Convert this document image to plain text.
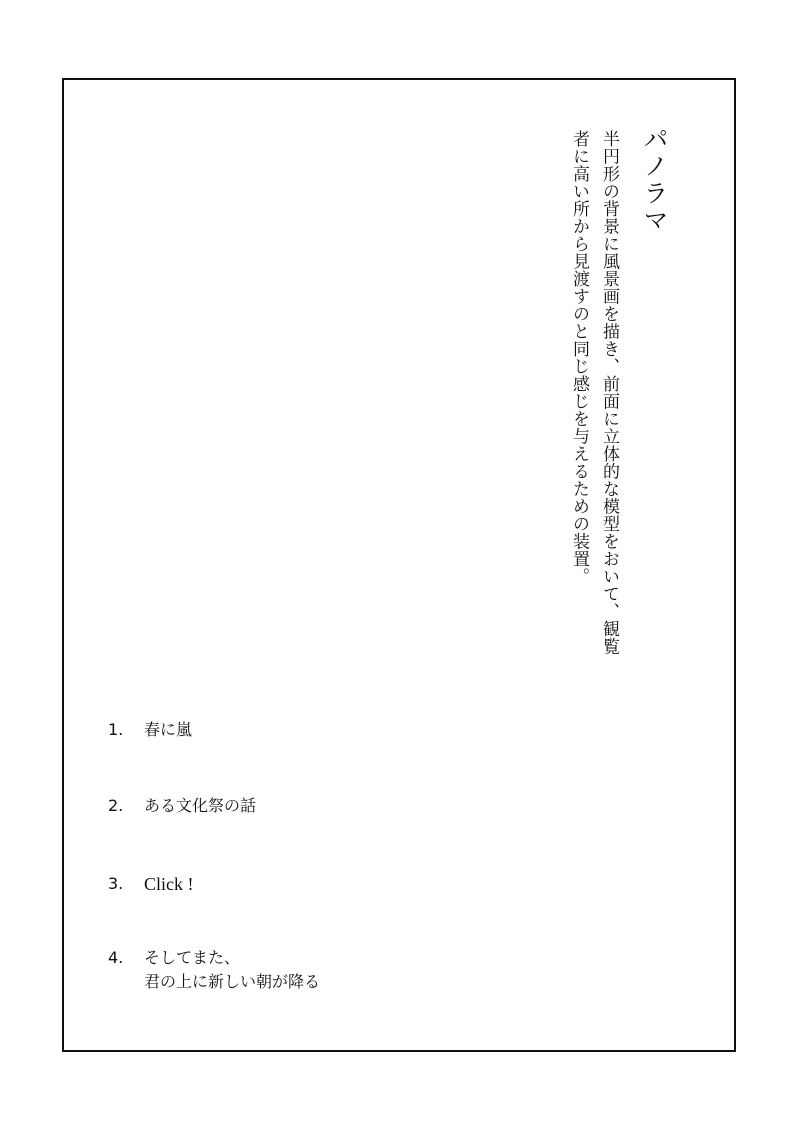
パノラマ

半円形の背景に風景画を描き、前面に立体的な模型をおいて、観覧者に高い所から見渡すのと同じ感じを与えるための装置。

1. 春に嵐
2. ある文化祭の話
3. Click !
4. そしてまた、
君の上に新しい朝が降る
